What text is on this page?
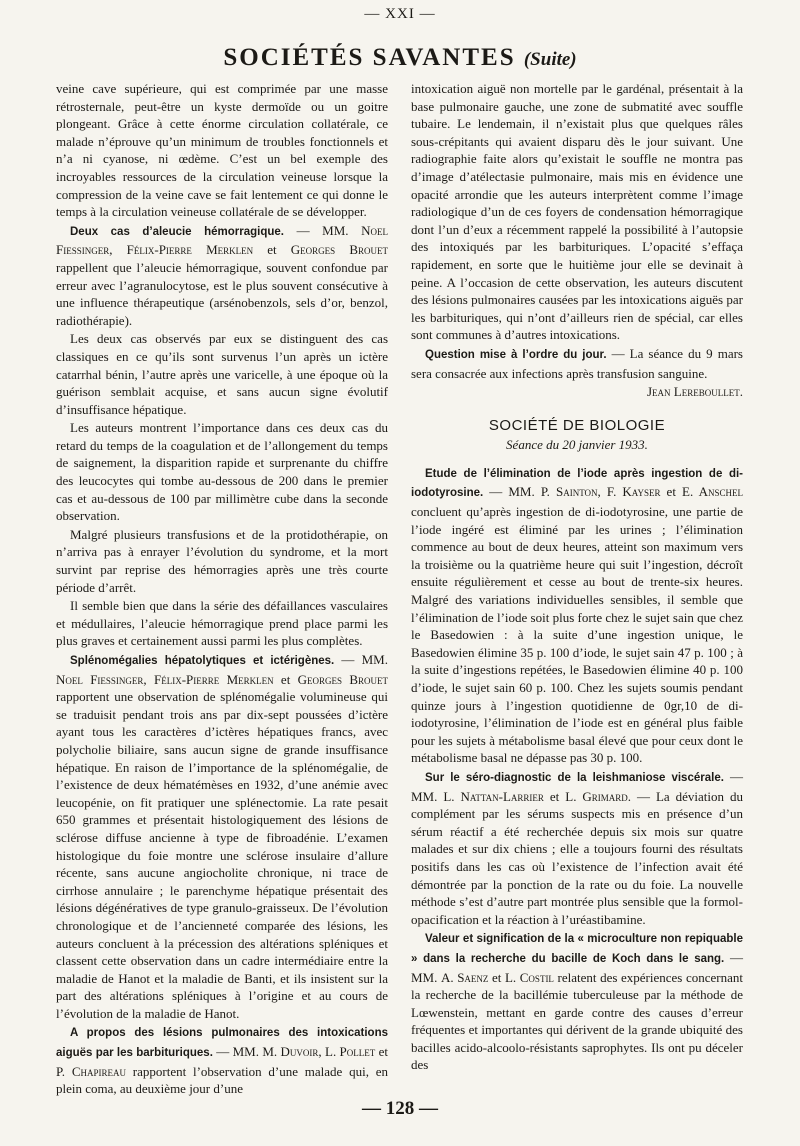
— XXI —
SOCIÉTÉS SAVANTES (Suite)

veine cave supérieure, qui est comprimée par une masse rétrosternale, peut-être un kyste dermoïde ou un goitre plongeant. Grâce à cette énorme circulation collatérale, ce malade n’éprouve qu’un minimum de troubles fonctionnels et n’a ni cyanose, ni œdème. C’est un bel exemple des incroyables ressources de la circulation veineuse lorsque la compression de la veine cave se fait lentement ce qui donne le temps à la circulation veineuse collatérale de se développer.

Deux cas d’aleucie hémorragique. — MM. Noel Fiessinger, Félix-Pierre Merklen et Georges Brouet rappellent que l’aleucie hémorragique, souvent confondue par erreur avec l’agranulocytose, est le plus souvent consécutive à une influence thérapeutique (arsénobenzols, sels d’or, benzol, radiothérapie).

Les deux cas observés par eux se distinguent des cas classiques en ce qu’ils sont survenus l’un après un ictère catarrhal bénin, l’autre après une varicelle, à une époque où la guérison semblait acquise, et sans aucun signe évolutif d’insuffisance hépatique.

Les auteurs montrent l’importance dans ces deux cas du retard du temps de la coagulation et de l’allongement du temps de saignement, la disparition rapide et surprenante du chiffre des leucocytes qui tombe au-dessous de 200 dans le premier cas et au-dessous de 100 par millimètre cube dans la seconde observation.

Malgré plusieurs transfusions et de la protidothérapie, on n’arriva pas à enrayer l’évolution du syndrome, et la mort survint par reprise des hémorragies après une très courte période d’arrêt.

Il semble bien que dans la série des défaillances vasculaires et médullaires, l’aleucie hémorragique prend place parmi les plus graves et certainement aussi parmi les plus complètes.

Splénomégalies hépatolytiques et ictérigènes. — MM. Noel Fiessinger, Félix-Pierre Merklen et Georges Brouet rapportent une observation de splénomégalie volumineuse qui se traduisit pendant trois ans par dix-sept poussées d’ictère ayant tous les caractères d’ictères hépatiques francs, avec polycholie biliaire, sans aucun signe de grande insuffisance hépatique. En raison de l’importance de la splénomégalie, de l’existence de deux hématémèses en 1932, d’une anémie avec leucopénie, on fit pratiquer une splénectomie. La rate pesait 650 grammes et présentait histologiquement des lésions de sclérose diffuse ancienne à type de fibroadénie. L’examen histologique du foie montre une sclérose insulaire d’allure récente, sans aucune angiocholite chronique, ni trace de cirrhose annulaire ; le parenchyme hépatique présentait des lésions dégénératives de type granulo-graisseux. De l’évolution chronologique et de l’ancienneté comparée des lésions, les auteurs concluent à la précession des altérations spléniques et classent cette observation dans un cadre intermédiaire entre la maladie de Hanot et la maladie de Banti, et ils insistent sur la part des altérations spléniques à l’origine et au cours de l’évolution de la maladie de Hanot.

A propos des lésions pulmonaires des intoxications aiguës par les barbituriques. — MM. M. Duvoir, L. Pollet et P. Chapireau rapportent l’observation d’une malade qui, en plein coma, au deuxième jour d’une

intoxication aiguë non mortelle par le gardénal, présentait à la base pulmonaire gauche, une zone de submatité avec souffle tubaire. Le lendemain, il n’existait plus que quelques râles sous-crépitants qui avaient disparu dès le jour suivant. Une radiographie faite alors qu’existait le souffle ne montra pas d’image d’atélectasie pulmonaire, mais mis en évidence une opacité arrondie que les auteurs interprètent comme l’image radiologique d’un de ces foyers de condensation hémorragique dont l’un d’eux a récemment rappelé la possibilité à l’autopsie des intoxiqués par les barbituriques. L’opacité s’effaça rapidement, en sorte que le huitième jour elle se devinait à peine. A l’occasion de cette observation, les auteurs discutent des lésions pulmonaires causées par les intoxications aiguës par les barbituriques, qui n’ont d’ailleurs rien de spécial, car elles sont communes à d’autres intoxications.

Question mise à l’ordre du jour. — La séance du 9 mars sera consacrée aux infections après transfusion sanguine.

Jean Lereboullet.

SOCIÉTÉ DE BIOLOGIE
Séance du 20 janvier 1933.

Etude de l’élimination de l’iode après ingestion de di-iodotyrosine. — MM. P. Sainton, F. Kayser et E. Anschel concluent qu’après ingestion de di-iodotyrosine, une partie de l’iode ingéré est éliminé par les urines ; l’élimination commence au bout de deux heures, atteint son maximum vers la troisième ou la quatrième heure qui suit l’ingestion, décroît ensuite régulièrement et cesse au bout de trente-six heures. Malgré des variations individuelles sensibles, il semble que l’élimination de l’iode soit plus forte chez le sujet sain que chez le Basedowien : à la suite d’une ingestion unique, le Basedowien élimine 35 p. 100 d’iode, le sujet sain 47 p. 100 ; à la suite d’ingestions repétées, le Basedowien élimine 40 p. 100 d’iode, le sujet sain 60 p. 100. Chez les sujets soumis pendant quinze jours à l’ingestion quotidienne de 0gr,10 de di-iodotyrosine, l’élimination de l’iode est en général plus faible pour les sujets à métabolisme basal élevé que pour ceux dont le métabolisme basal ne dépasse pas 30 p. 100.

Sur le séro-diagnostic de la leishmaniose viscérale. — MM. L. Nattan-Larrier et L. Grimard. — La déviation du complément par les sérums suspects mis en présence d’un sérum réactif a été recherchée depuis six mois sur quatre malades et sur dix chiens ; elle a toujours fourni des résultats positifs dans les cas où l’existence de l’infection avait été démontrée par la ponction de la rate ou du foie. La nouvelle méthode s’est d’autre part montrée plus sensible que la formol-opacification et la réaction à l’uréastibamine.

Valeur et signification de la « microculture non repiquable » dans la recherche du bacille de Koch dans le sang. — MM. A. Saenz et L. Costil relatent des expériences concernant la recherche de la bacillémie tuberculeuse par la méthode de Lœwenstein, mettant en garde contre des causes d’erreur fréquentes et importantes qui dérivent de la grande ubiquité des bacilles acido-alcoolo-résistants saprophytes. Ils ont pu déceler des

— 128 —
